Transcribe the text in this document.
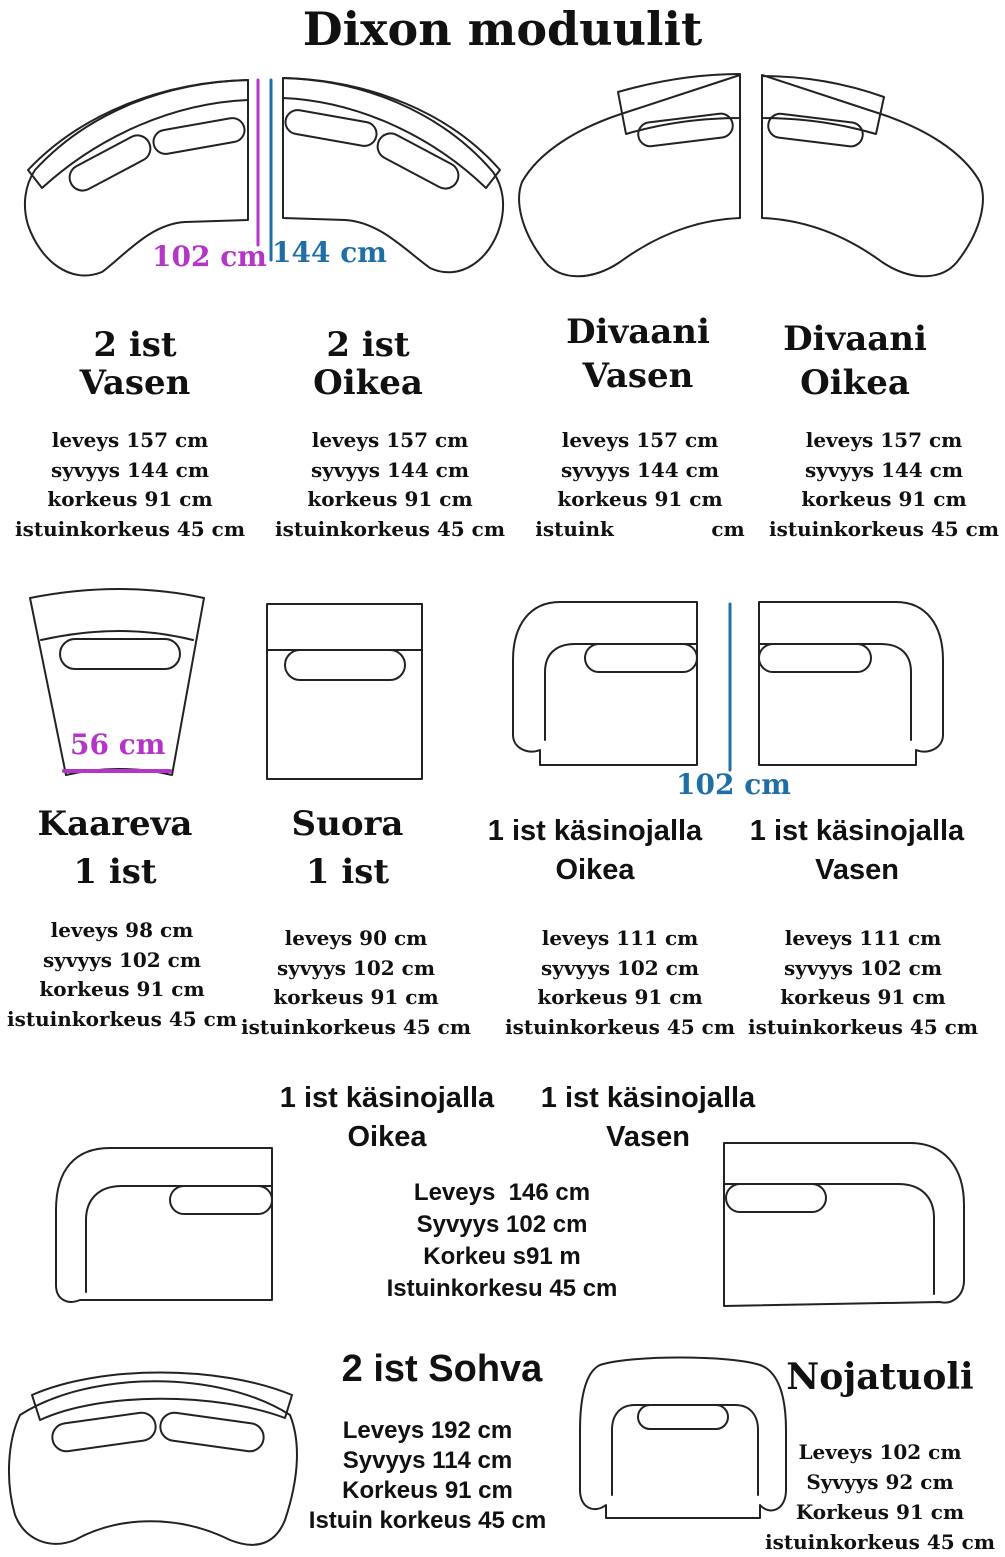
Dixon moduulit
102 cm 144 cm
56 cm
102 cm
2 ist
Vasen
2 ist
Oikea
Divaani
Vasen
Divaani
Oikea
leveys 157 cm
syvyys 144 cm
korkeus 91 cm
istuinkorkeus 45 cm
leveys 157 cm
syvyys 144 cm
korkeus 91 cm
istuinkorkeus 45 cm
leveys 157 cm
syvyys 144 cm
korkeus 91 cm
istuink              cm
leveys 157 cm
syvyys 144 cm
korkeus 91 cm
istuinkorkeus 45 cm
Kaareva
1 ist
Suora
1 ist
1 ist käsinojalla
Oikea
1 ist käsinojalla
Vasen
leveys 98 cm
syvyys 102 cm
korkeus 91 cm
istuinkorkeus 45 cm
leveys 90 cm
syvyys 102 cm
korkeus 91 cm
istuinkorkeus 45 cm
leveys 111 cm
syvyys 102 cm
korkeus 91 cm
istuinkorkeus 45 cm
leveys 111 cm
syvyys 102 cm
korkeus 91 cm
istuinkorkeus 45 cm
1 ist käsinojalla
Oikea
1 ist käsinojalla
Vasen
Leveys  146 cm
Syvyys 102 cm
Korkeu s91 m
Istuinkorkesu 45 cm
2 ist Sohva
Leveys 192 cm
Syvyys 114 cm
Korkeus 91 cm
Istuin korkeus 45 cm
Nojatuoli
Leveys 102 cm
Syvyys 92 cm
Korkeus 91 cm
istuinkorkeus 45 cm
